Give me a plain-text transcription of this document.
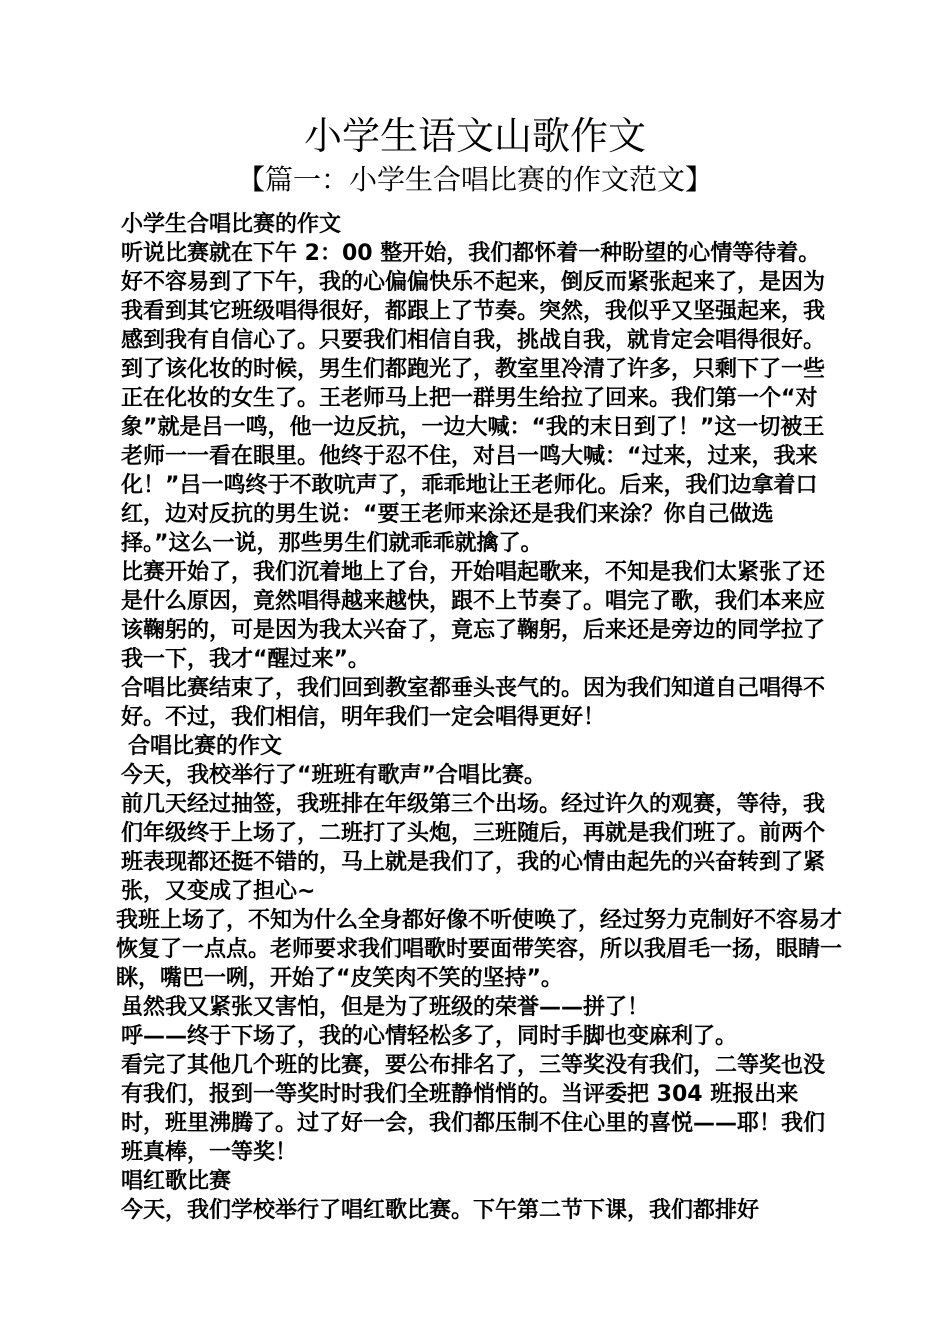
小学生语文山歌作文
【篇一：小学生合唱比赛的作文范文】

小学生合唱比赛的作文

听说比赛就在下午 2：00 整开始，我们都怀着一种盼望的心情等待着。好不容易到了下午，我的心偏偏快乐不起来，倒反而紧张起来了，是因为我看到其它班级唱得很好，都跟上了节奏。突然，我似乎又坚强起来，我感到我有自信心了。只要我们相信自我，挑战自我，就肯定会唱得很好。

到了该化妆的时候，男生们都跑光了，教室里冷清了许多，只剩下了一些正在化妆的女生了。王老师马上把一群男生给拉了回来。我们第一个“对象”就是吕一鸣，他一边反抗，一边大喊：“我的末日到了！”这一切被王老师一一看在眼里。他终于忍不住，对吕一鸣大喊：“过来，过来，我来化！”吕一鸣终于不敢吭声了，乖乖地让王老师化。后来，我们边拿着口红，边对反抗的男生说：“要王老师来涂还是我们来涂？你自己做选择。”这么一说，那些男生们就乖乖就擒了。

比赛开始了，我们沉着地上了台，开始唱起歌来，不知是我们太紧张了还是什么原因，竟然唱得越来越快，跟不上节奏了。唱完了歌，我们本来应该鞠躬的，可是因为我太兴奋了，竟忘了鞠躬，后来还是旁边的同学拉了我一下，我才“醒过来”。

合唱比赛结束了，我们回到教室都垂头丧气的。因为我们知道自己唱得不好。不过，我们相信，明年我们一定会唱得更好！

合唱比赛的作文

今天，我校举行了“班班有歌声”合唱比赛。

前几天经过抽签，我班排在年级第三个出场。经过许久的观赛，等待，我们年级终于上场了，二班打了头炮，三班随后，再就是我们班了。前两个班表现都还挺不错的，马上就是我们了，我的心情由起先的兴奋转到了紧张，又变成了担心~

我班上场了，不知为什么全身都好像不听使唤了，经过努力克制好不容易才恢复了一点点。老师要求我们唱歌时要面带笑容，所以我眉毛一扬，眼睛一眯，嘴巴一咧，开始了“皮笑肉不笑的坚持”。

虽然我又紧张又害怕，但是为了班级的荣誉——拼了！

呼——终于下场了，我的心情轻松多了，同时手脚也变麻利了。

看完了其他几个班的比赛，要公布排名了，三等奖没有我们，二等奖也没有我们，报到一等奖时时我们全班静悄悄的。当评委把 304 班报出来时，班里沸腾了。过了好一会，我们都压制不住心里的喜悦——耶！我们班真棒，一等奖！

唱红歌比赛

今天，我们学校举行了唱红歌比赛。下午第二节下课，我们都排好
